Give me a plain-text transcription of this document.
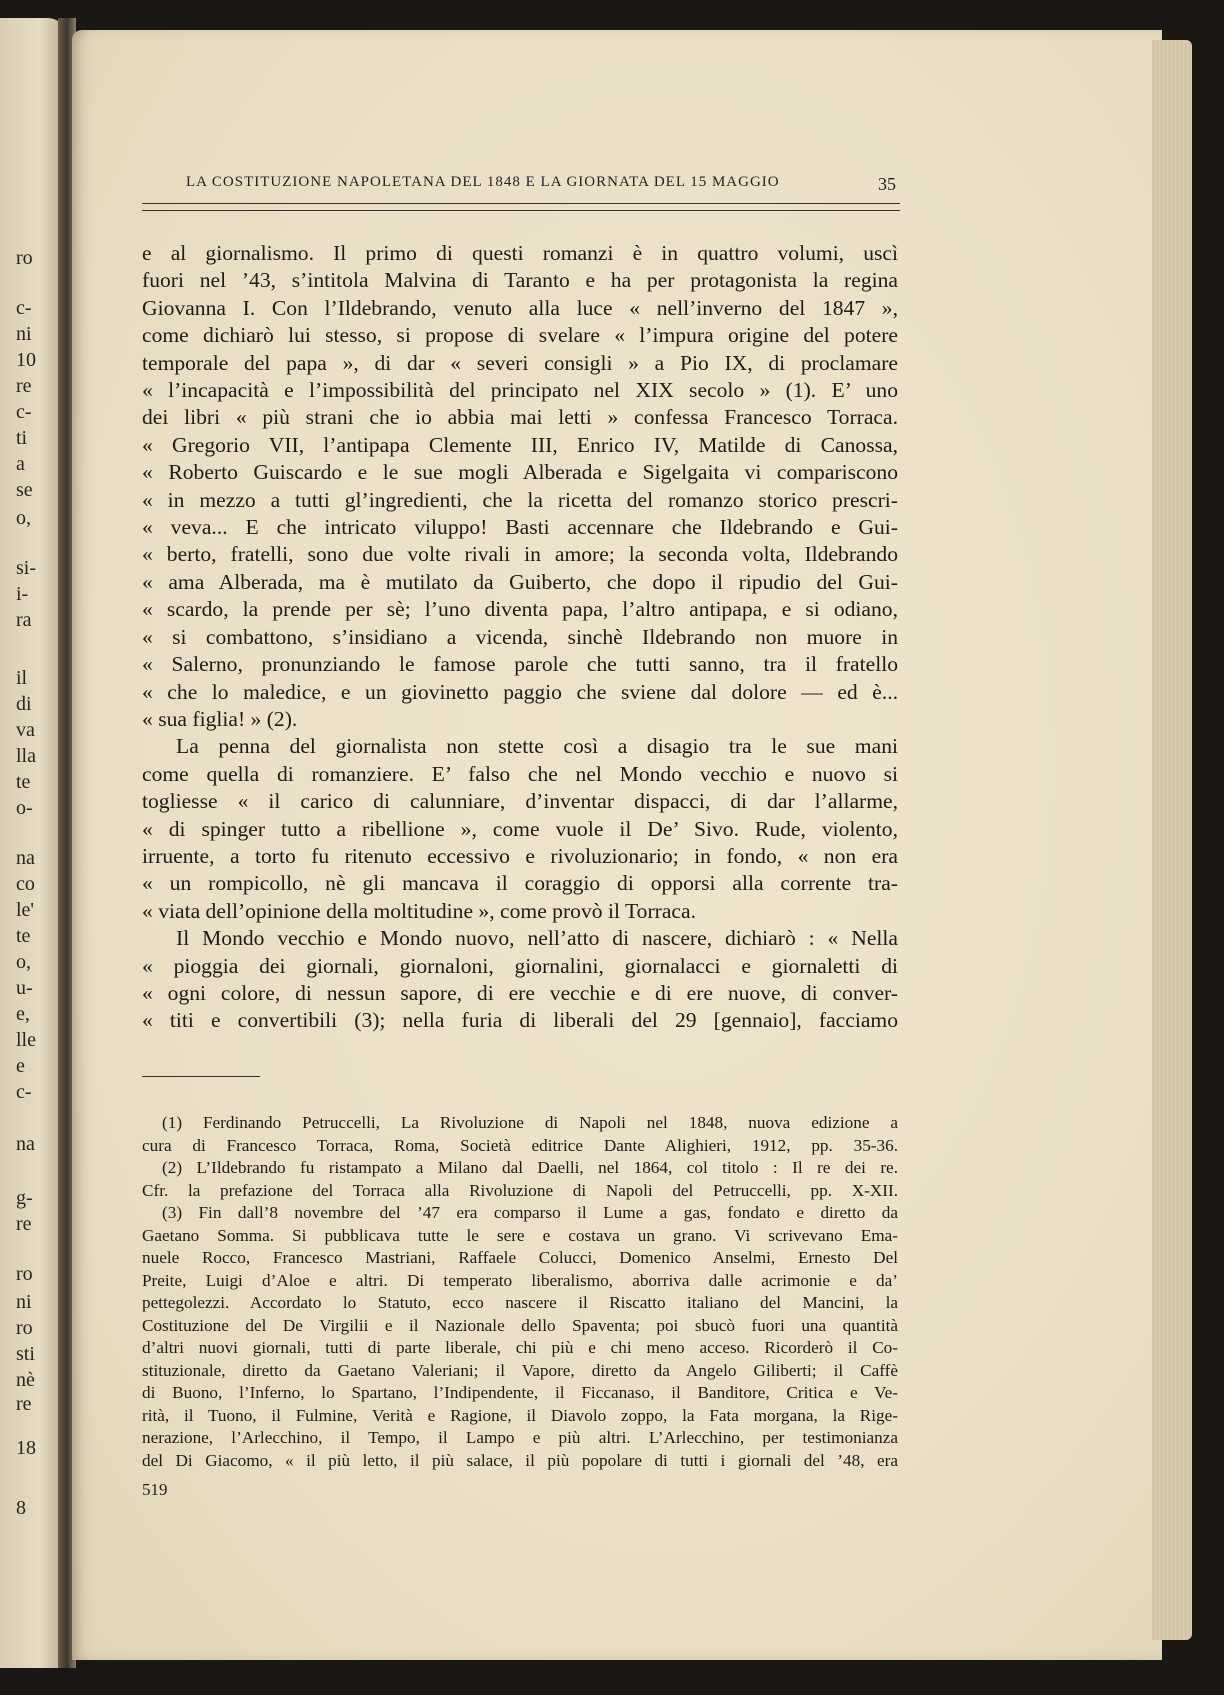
ro
c-
ni
10
re
c-
ti
a
se
o,
si-
i-
ra
il
di
va
lla
te
o-
na
co
le'
te
o,
u-
e,
lle
e
c-
na
g-
re
ro
ni
ro
sti
nè
re
18
8
LA COSTITUZIONE NAPOLETANA DEL 1848 E LA GIORNATA DEL 15 MAGGIO	35
e al giornalismo. Il primo di questi romanzi è in quattro volumi, uscì
fuori nel ’43, s’intitola Malvina di Taranto e ha per protagonista la regina
Giovanna I. Con l’Ildebrando, venuto alla luce « nell’inverno del 1847 »,
come dichiarò lui stesso, si propose di svelare « l’impura origine del potere
temporale del papa », di dar « severi consigli » a Pio IX, di proclamare
« l’incapacità e l’impossibilità del principato nel XIX secolo » (1). E’ uno
dei libri « più strani che io abbia mai letti » confessa Francesco Torraca.
« Gregorio VII, l’antipapa Clemente III, Enrico IV, Matilde di Canossa,
« Roberto Guiscardo e le sue mogli Alberada e Sigelgaita vi compariscono
« in mezzo a tutti gl’ingredienti, che la ricetta del romanzo storico prescri-
« veva... E che intricato viluppo! Basti accennare che Ildebrando e Gui-
« berto, fratelli, sono due volte rivali in amore; la seconda volta, Ildebrando
« ama Alberada, ma è mutilato da Guiberto, che dopo il ripudio del Gui-
« scardo, la prende per sè; l’uno diventa papa, l’altro antipapa, e si odiano,
« si combattono, s’insidiano a vicenda, sinchè Ildebrando non muore in
« Salerno, pronunziando le famose parole che tutti sanno, tra il fratello
« che lo maledice, e un giovinetto paggio che sviene dal dolore — ed è...
« sua figlia! » (2).
La penna del giornalista non stette così a disagio tra le sue mani
come quella di romanziere. E’ falso che nel Mondo vecchio e nuovo si
togliesse « il carico di calunniare, d’inventar dispacci, di dar l’allarme,
« di spinger tutto a ribellione », come vuole il De’ Sivo. Rude, violento,
irruente, a torto fu ritenuto eccessivo e rivoluzionario; in fondo, « non era
« un rompicollo, nè gli mancava il coraggio di opporsi alla corrente tra-
« viata dell’opinione della moltitudine », come provò il Torraca.
Il Mondo vecchio e Mondo nuovo, nell’atto di nascere, dichiarò : « Nella
« pioggia dei giornali, giornaloni, giornalini, giornalacci e giornaletti di
« ogni colore, di nessun sapore, di ere vecchie e di ere nuove, di conver-
« titi e convertibili (3); nella furia di liberali del 29 [gennaio], facciamo
(1) Ferdinando Petruccelli, La Rivoluzione di Napoli nel 1848, nuova edizione a
cura di Francesco Torraca, Roma, Società editrice Dante Alighieri, 1912, pp. 35-36.
(2) L’Ildebrando fu ristampato a Milano dal Daelli, nel 1864, col titolo : Il re dei re.
Cfr. la prefazione del Torraca alla Rivoluzione di Napoli del Petruccelli, pp. X-XII.
(3) Fin dall’8 novembre del ’47 era comparso il Lume a gas, fondato e diretto da
Gaetano Somma. Si pubblicava tutte le sere e costava un grano. Vi scrivevano Ema-
nuele Rocco, Francesco Mastriani, Raffaele Colucci, Domenico Anselmi, Ernesto Del
Preite, Luigi d’Aloe e altri. Di temperato liberalismo, aborriva dalle acrimonie e da’
pettegolezzi. Accordato lo Statuto, ecco nascere il Riscatto italiano del Mancini, la
Costituzione del De Virgilii e il Nazionale dello Spaventa; poi sbucò fuori una quantità
d’altri nuovi giornali, tutti di parte liberale, chi più e chi meno acceso. Ricorderò il Co-
stituzionale, diretto da Gaetano Valeriani; il Vapore, diretto da Angelo Giliberti; il Caffè
di Buono, l’Inferno, lo Spartano, l’Indipendente, il Ficcanaso, il Banditore, Critica e Ve-
rità, il Tuono, il Fulmine, Verità e Ragione, il Diavolo zoppo, la Fata morgana, la Rige-
nerazione, l’Arlecchino, il Tempo, il Lampo e più altri. L’Arlecchino, per testimonianza
del Di Giacomo, « il più letto, il più salace, il più popolare di tutti i giornali del ’48, era
519
